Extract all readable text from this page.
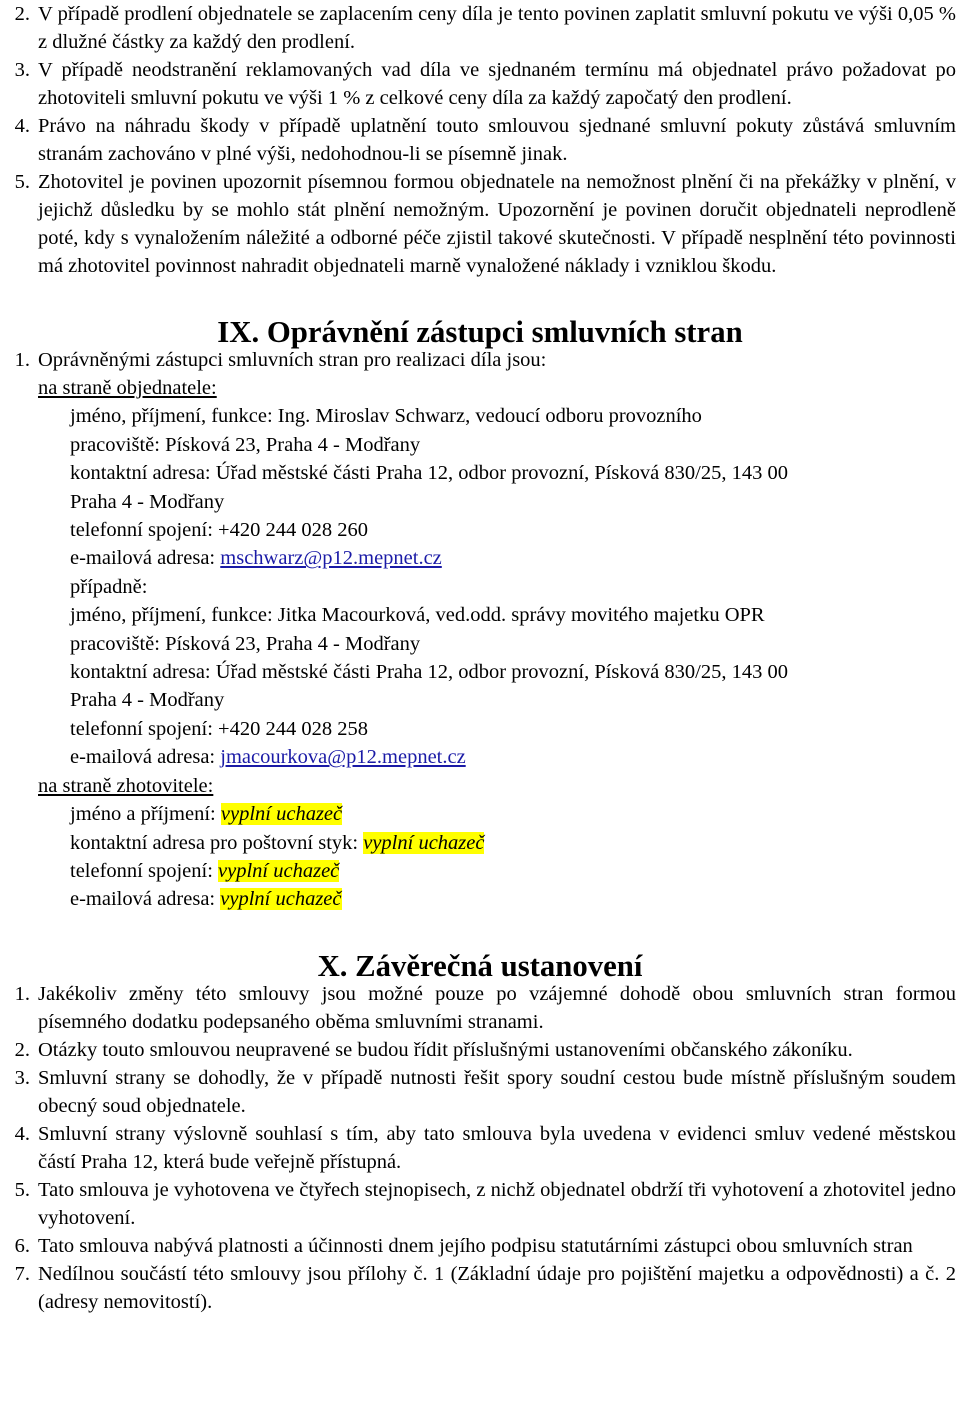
2. V případě prodlení objednatele se zaplacením ceny díla je tento povinen zaplatit smluvní pokutu ve výši 0,05 % z dlužné částky za každý den prodlení.
3. V případě neodstranění reklamovaných vad díla ve sjednaném termínu má objednatel právo požadovat po zhotoviteli smluvní pokutu ve výši 1 % z celkové ceny díla za každý započatý den prodlení.
4. Právo na náhradu škody v případě uplatnění touto smlouvou sjednané smluvní pokuty zůstává smluvním stranám zachováno v plné výši, nedohodnou-li se písemně jinak.
5. Zhotovitel je povinen upozornit písemnou formou objednatele na nemožnost plnění či na překážky v plnění, v jejichž důsledku by se mohlo stát plnění nemožným. Upozornění je povinen doručit objednateli neprodleně poté, kdy s vynaložením náležité a odborné péče zjistil takové skutečnosti. V případě nesplnění této povinnosti má zhotovitel povinnost nahradit objednateli marně vynaložené náklady i vzniklou škodu.
IX. Oprávnění zástupci smluvních stran
1. Oprávněnými zástupci smluvních stran pro realizaci díla jsou:
na straně objednatele:
jméno, příjmení, funkce: Ing. Miroslav Schwarz, vedoucí odboru provozního
pracoviště: Písková 23, Praha 4 - Modřany
kontaktní adresa: Úřad městské části Praha 12, odbor provozní, Písková 830/25, 143 00
Praha 4 - Modřany
telefonní spojení: +420 244 028 260
e-mailová adresa: mschwarz@p12.mepnet.cz
případně:
jméno, příjmení, funkce: Jitka Macourková, ved.odd. správy movitého majetku OPR
pracoviště: Písková 23, Praha 4 - Modřany
kontaktní adresa: Úřad městské části Praha 12, odbor provozní, Písková 830/25, 143 00
Praha 4 - Modřany
telefonní spojení: +420 244 028 258
e-mailová adresa: jmacourkova@p12.mepnet.cz
na straně zhotovitele:
jméno a příjmení: vyplní uchazeč
kontaktní adresa pro poštovní styk: vyplní uchazeč
telefonní spojení: vyplní uchazeč
e-mailová adresa: vyplní uchazeč
X. Závěrečná ustanovení
1. Jakékoliv změny této smlouvy jsou možné pouze po vzájemné dohodě obou smluvních stran formou písemného dodatku podepsaného oběma smluvními stranami.
2. Otázky touto smlouvou neupravené se budou řídit příslušnými ustanoveními občanského zákoníku.
3. Smluvní strany se dohodly, že v případě nutnosti řešit spory soudní cestou bude místně příslušným soudem obecný soud objednatele.
4. Smluvní strany výslovně souhlasí s tím, aby tato smlouva byla uvedena v evidenci smluv vedené městskou částí Praha 12, která bude veřejně přístupná.
5. Tato smlouva je vyhotovena ve čtyřech stejnopisech, z nichž objednatel obdrží tři vyhotovení a zhotovitel jedno vyhotovení.
6. Tato smlouva nabývá platnosti a účinnosti dnem jejího podpisu statutárními zástupci obou smluvních stran
7. Nedílnou součástí této smlouvy jsou přílohy č. 1 (Základní údaje pro pojištění majetku a odpovědnosti) a č. 2 (adresy nemovitostí).
